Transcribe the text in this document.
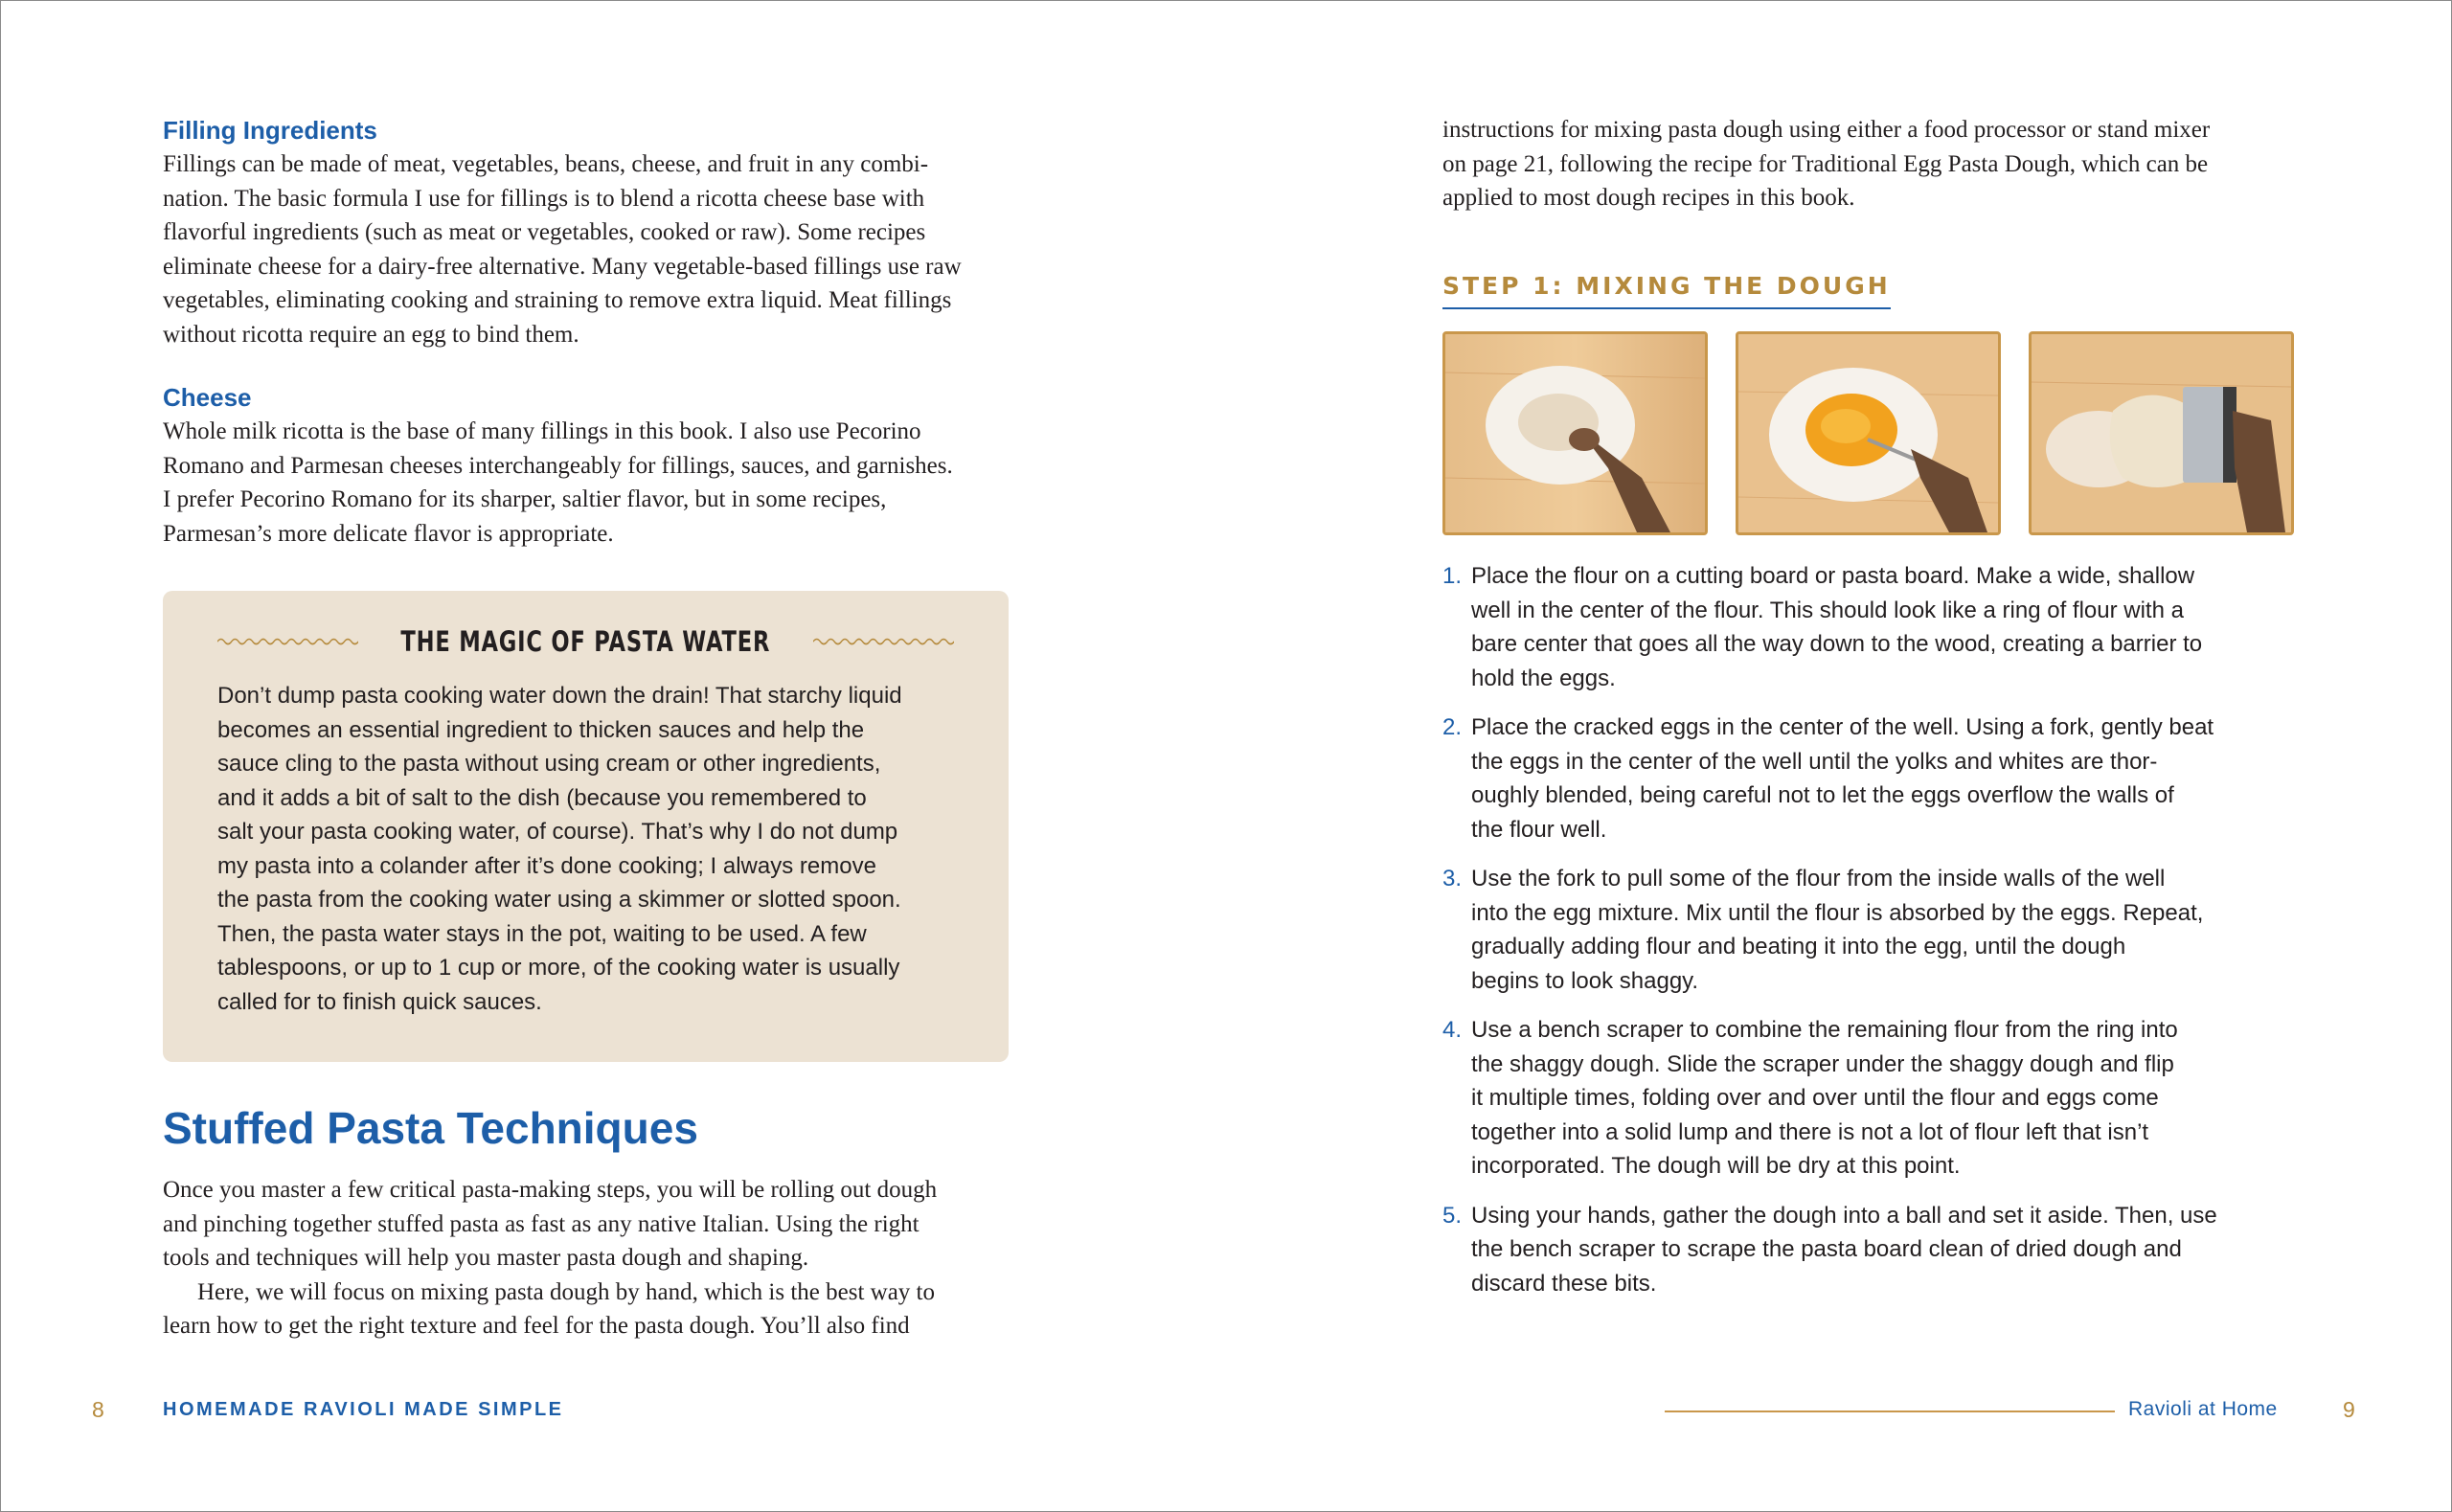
Filling Ingredients

Fillings can be made of meat, vegetables, beans, cheese, and fruit in any combi-
nation. The basic formula I use for fillings is to blend a ricotta cheese base with
flavorful ingredients (such as meat or vegetables, cooked or raw). Some recipes
eliminate cheese for a dairy-free alternative. Many vegetable-based fillings use raw
vegetables, eliminating cooking and straining to remove extra liquid. Meat fillings
without ricotta require an egg to bind them.

Cheese

Whole milk ricotta is the base of many fillings in this book. I also use Pecorino
Romano and Parmesan cheeses interchangeably for fillings, sauces, and garnishes.
I prefer Pecorino Romano for its sharper, saltier flavor, but in some recipes,
Parmesan’s more delicate flavor is appropriate.

THE MAGIC OF PASTA WATER

Don’t dump pasta cooking water down the drain! That starchy liquid
becomes an essential ingredient to thicken sauces and help the
sauce cling to the pasta without using cream or other ingredients,
and it adds a bit of salt to the dish (because you remembered to
salt your pasta cooking water, of course). That’s why I do not dump
my pasta into a colander after it’s done cooking; I always remove
the pasta from the cooking water using a skimmer or slotted spoon.
Then, the pasta water stays in the pot, waiting to be used. A few
tablespoons, or up to 1 cup or more, of the cooking water is usually
called for to finish quick sauces.

Stuffed Pasta Techniques

Once you master a few critical pasta-making steps, you will be rolling out dough
and pinching together stuffed pasta as fast as any native Italian. Using the right
tools and techniques will help you master pasta dough and shaping.

Here, we will focus on mixing pasta dough by hand, which is the best way to
learn how to get the right texture and feel for the pasta dough. You’ll also find

8	HOMEMADE RAVIOLI MADE SIMPLE

instructions for mixing pasta dough using either a food processor or stand mixer
on page 21, following the recipe for Traditional Egg Pasta Dough, which can be
applied to most dough recipes in this book.

STEP 1: MIXING THE DOUGH
1. Place the flour on a cutting board or pasta board. Make a wide, shallow
well in the center of the flour. This should look like a ring of flour with a
bare center that goes all the way down to the wood, creating a barrier to
hold the eggs.

2. Place the cracked eggs in the center of the well. Using a fork, gently beat
the eggs in the center of the well until the yolks and whites are thor-
oughly blended, being careful not to let the eggs overflow the walls of
the flour well.

3. Use the fork to pull some of the flour from the inside walls of the well
into the egg mixture. Mix until the flour is absorbed by the eggs. Repeat,
gradually adding flour and beating it into the egg, until the dough
begins to look shaggy.

4. Use a bench scraper to combine the remaining flour from the ring into
the shaggy dough. Slide the scraper under the shaggy dough and flip
it multiple times, folding over and over until the flour and eggs come
together into a solid lump and there is not a lot of flour left that isn’t
incorporated. The dough will be dry at this point.

5. Using your hands, gather the dough into a ball and set it aside. Then, use
the bench scraper to scrape the pasta board clean of dried dough and
discard these bits.

Ravioli at Home	9
